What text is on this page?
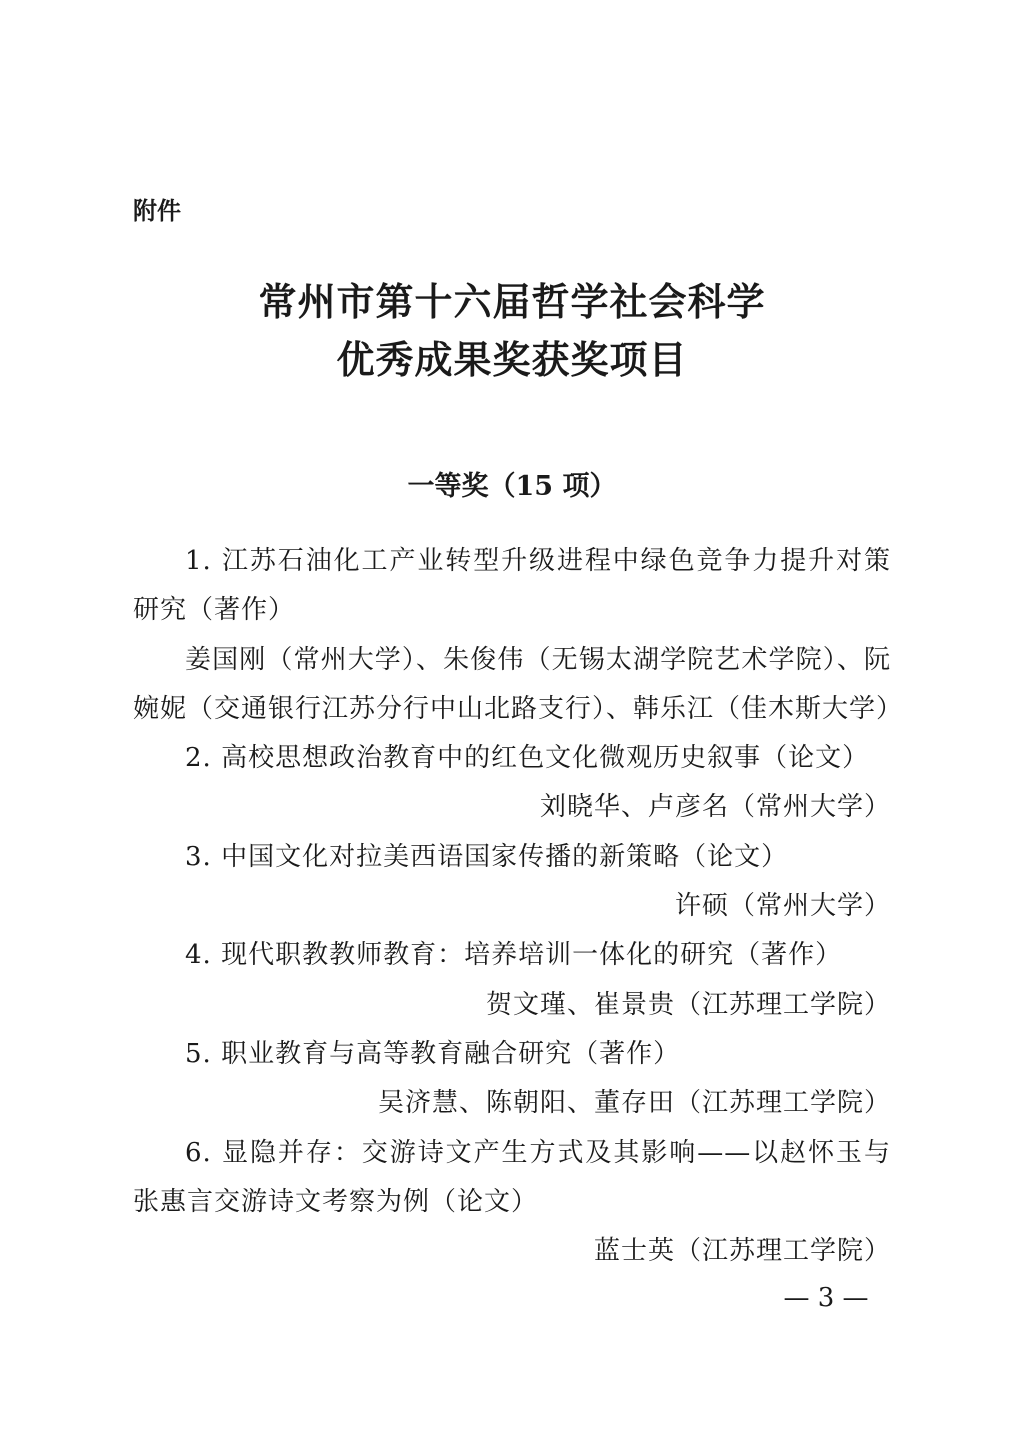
附件
常州市第十六届哲学社会科学
优秀成果奖获奖项目
一等奖（15 项）
1. 江苏石油化工产业转型升级进程中绿色竞争力提升对策
研究（著作）
姜国刚（常州大学）、朱俊伟（无锡太湖学院艺术学院）、阮
婉妮（交通银行江苏分行中山北路支行）、韩乐江（佳木斯大学）
2. 高校思想政治教育中的红色文化微观历史叙事（论文）
刘晓华、卢彦名（常州大学）
3. 中国文化对拉美西语国家传播的新策略（论文）
许硕（常州大学）
4. 现代职教教师教育：培养培训一体化的研究（著作）
贺文瑾、崔景贵（江苏理工学院）
5. 职业教育与高等教育融合研究（著作）
吴济慧、陈朝阳、董存田（江苏理工学院）
6. 显隐并存：交游诗文产生方式及其影响——以赵怀玉与
张惠言交游诗文考察为例（论文）
蓝士英（江苏理工学院）
— 3 —
